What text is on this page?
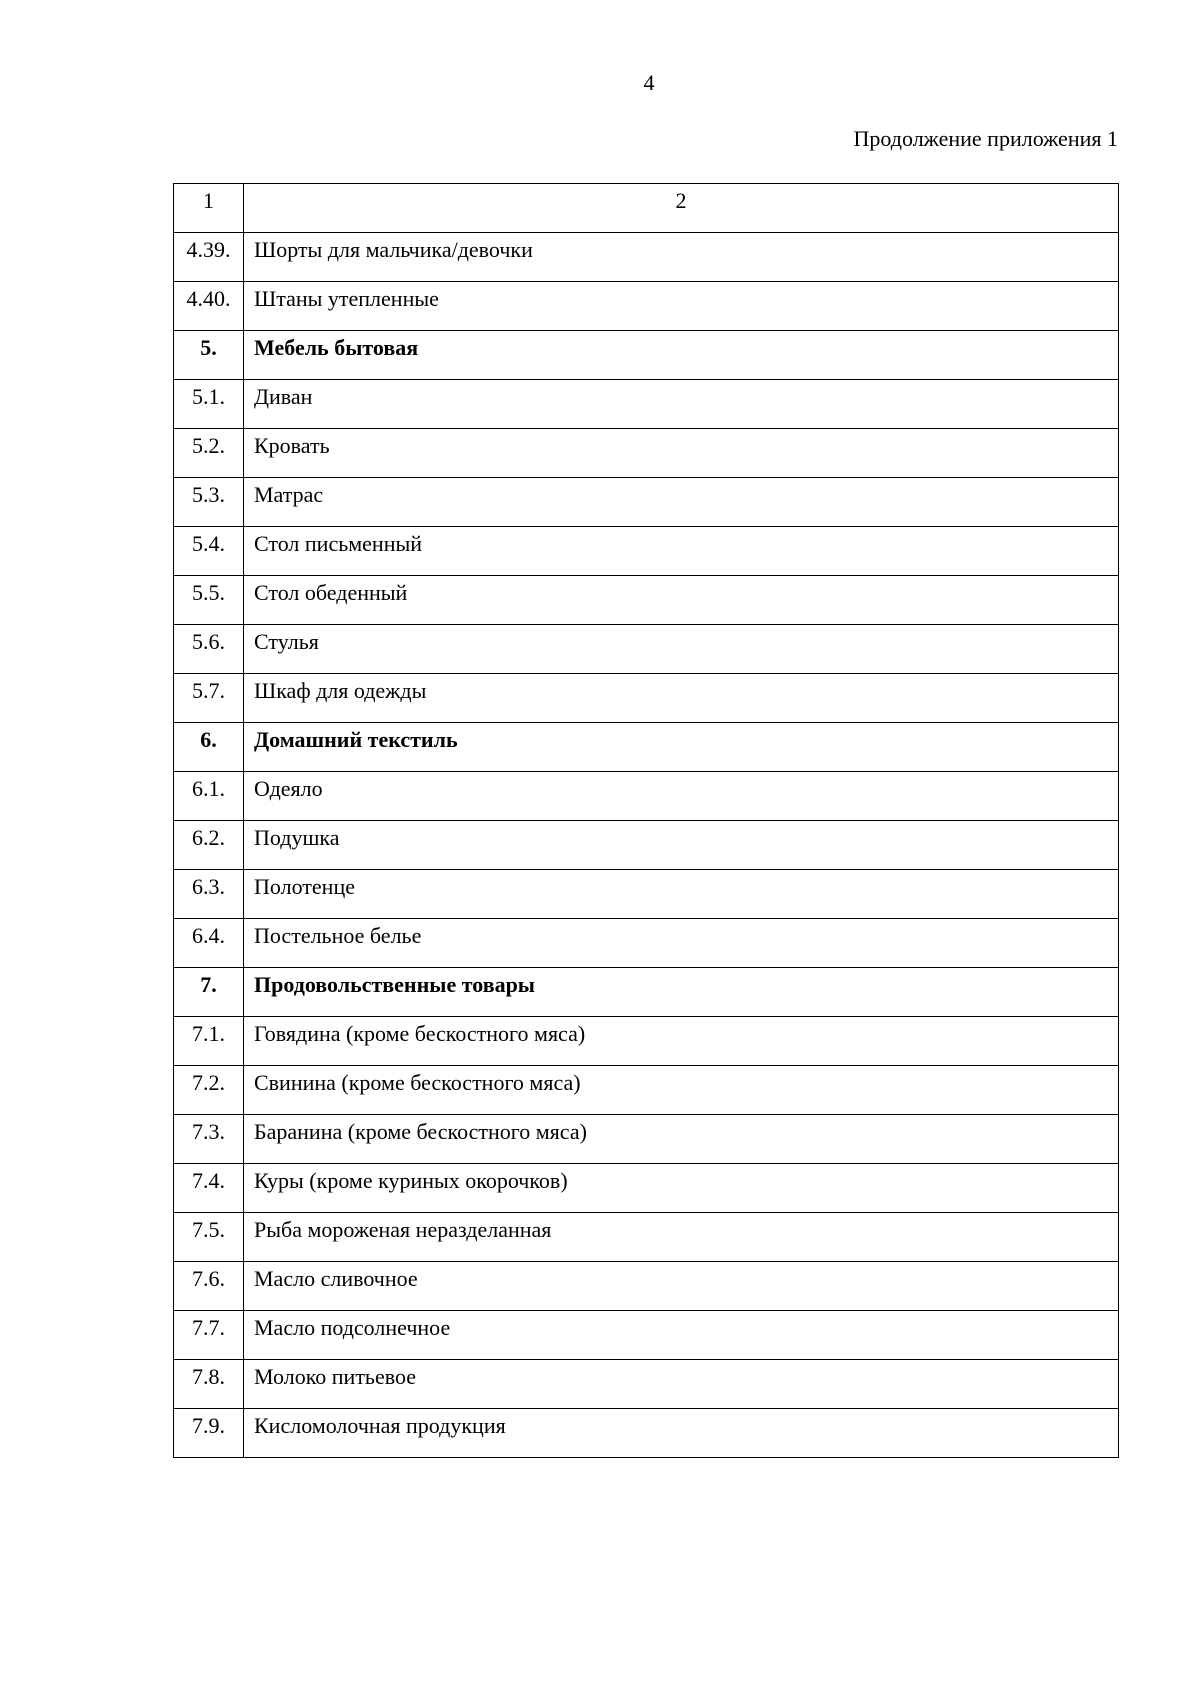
4
Продолжение приложения 1
1	2
4.39.	Шорты для мальчика/девочки
4.40.	Штаны утепленные
5.	Мебель бытовая
5.1.	Диван
5.2.	Кровать
5.3.	Матрас
5.4.	Стол письменный
5.5.	Стол обеденный
5.6.	Стулья
5.7.	Шкаф для одежды
6.	Домашний текстиль
6.1.	Одеяло
6.2.	Подушка
6.3.	Полотенце
6.4.	Постельное белье
7.	Продовольственные товары
7.1.	Говядина (кроме бескостного мяса)
7.2.	Свинина (кроме бескостного мяса)
7.3.	Баранина (кроме бескостного мяса)
7.4.	Куры (кроме куриных окорочков)
7.5.	Рыба мороженая неразделанная
7.6.	Масло сливочное
7.7.	Масло подсолнечное
7.8.	Молоко питьевое
7.9.	Кисломолочная продукция
